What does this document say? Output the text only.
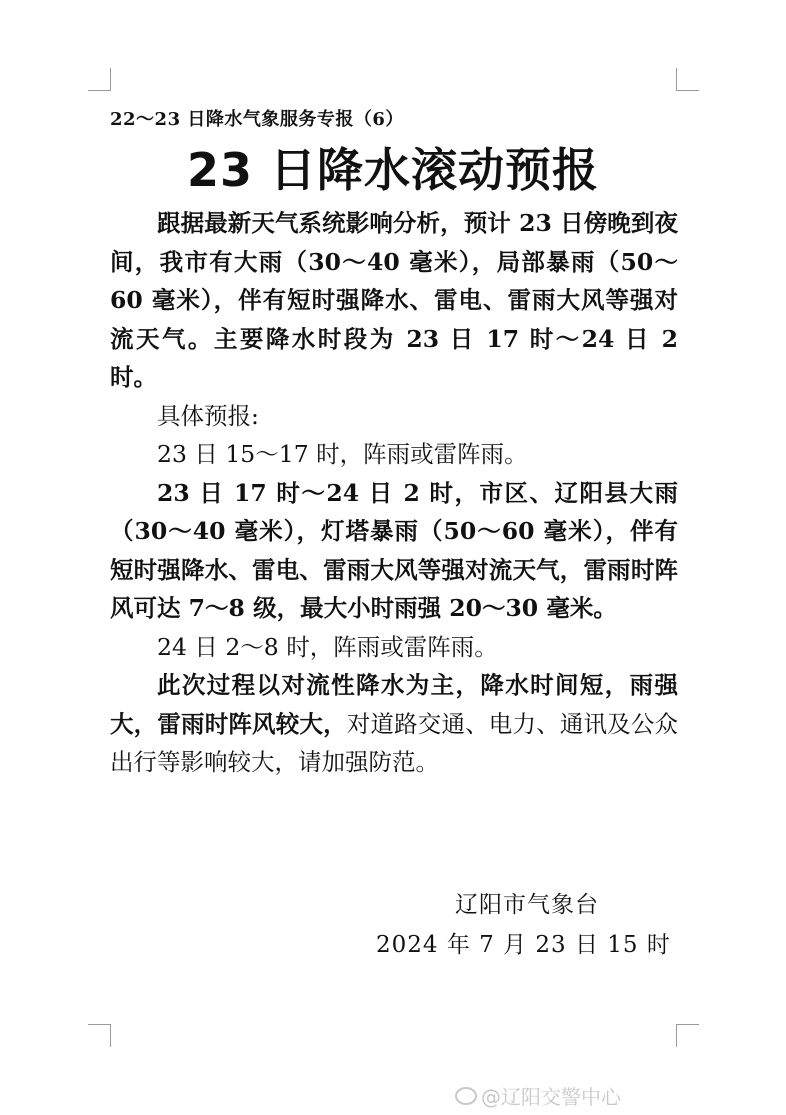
22～23 日降水气象服务专报（6）
23 日降水滚动预报

跟据最新天气系统影响分析，预计 23 日傍晚到夜间，我市有大雨（30～40 毫米），局部暴雨（50～60 毫米），伴有短时强降水、雷电、雷雨大风等强对流天气。主要降水时段为 23 日 17 时～24 日 2 时。

具体预报:

23 日 15～17 时，阵雨或雷阵雨。

23 日 17 时～24 日 2 时，市区、辽阳县大雨（30～40 毫米），灯塔暴雨（50～60 毫米），伴有短时强降水、雷电、雷雨大风等强对流天气，雷雨时阵风可达 7～8 级，最大小时雨强 20～30 毫米。

24 日 2～8 时，阵雨或雷阵雨。

此次过程以对流性降水为主，降水时间短，雨强大，雷雨时阵风较大，对道路交通、电力、通讯及公众出行等影响较大，请加强防范。

辽阳市气象台
2024 年 7 月 23 日 15 时
@辽阳交警中心
